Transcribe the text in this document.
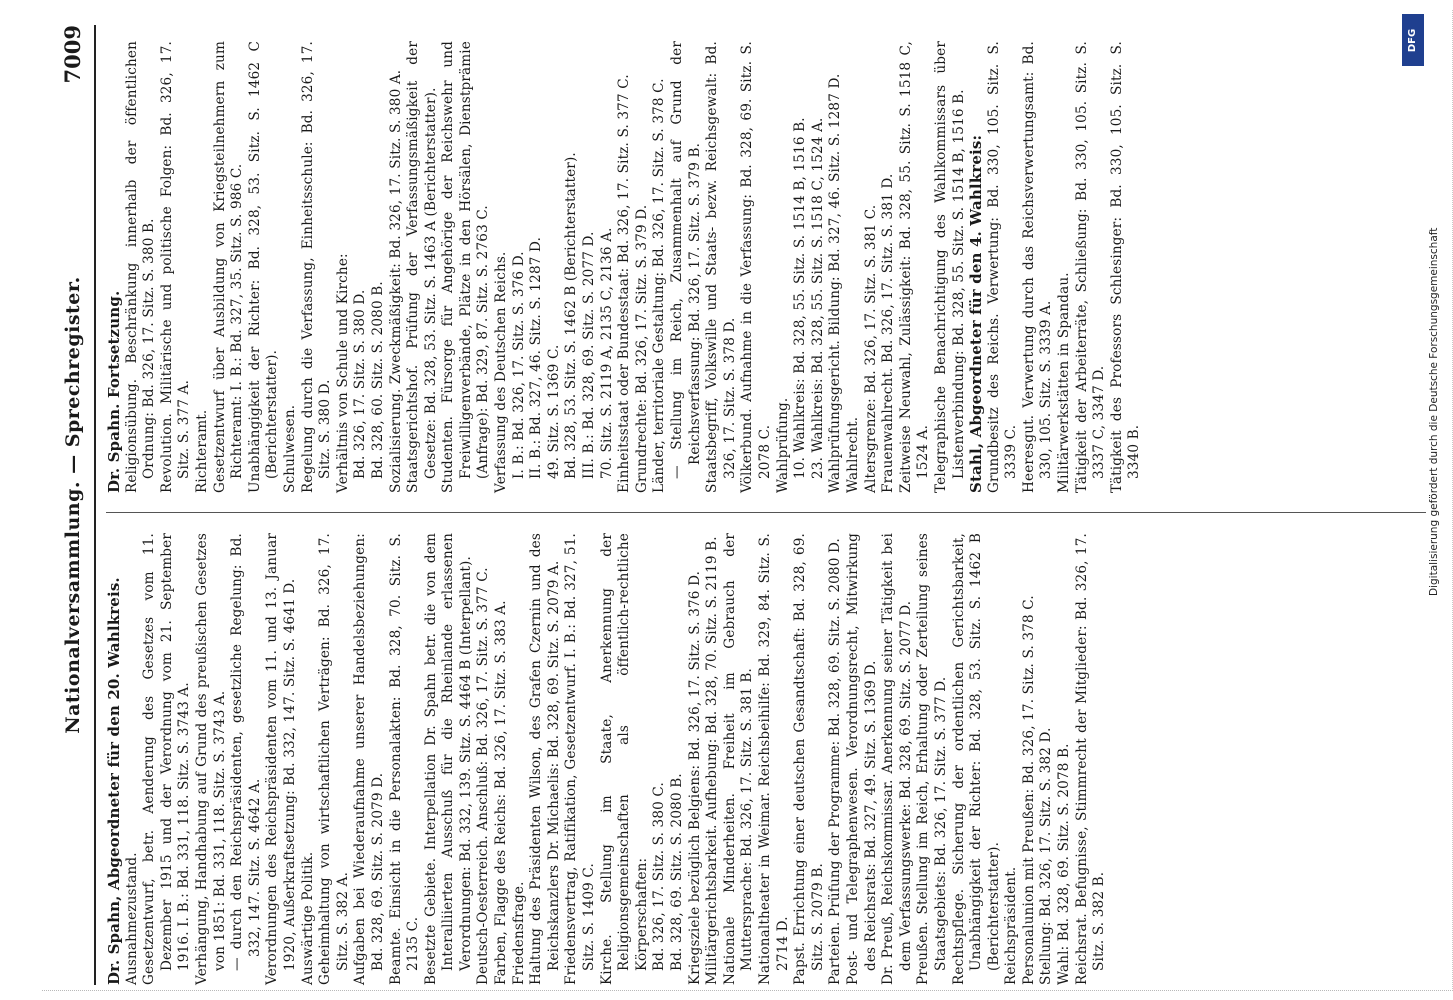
Nationalversammlung. — Sprechregister.
7009

Dr. Spahn, Abgeordneter für den 20. Wahlkreis. Ausnahmezustand. Gesetzentwurf, betr. Aenderung des Gesetzes vom 11. Dezember 1915 und der Verordnung vom 21. September 1916. I. B.: Bd. 331, 118. Sitz. S. 3743 A. Verhängung, Handhabung auf Grund des preußischen Gesetzes von 1851: Bd. 331, 118. Sitz. S. 3743 A. — durch den Reichspräsidenten, gesetzliche Regelung: Bd. 332, 147. Sitz. S. 4642 A. Verordnungen des Reichspräsidenten vom 11. und 13. Januar 1920, Außerkraftsetzung: Bd. 332, 147. Sitz. S. 4641 D. Auswärtige Politik. Geheimhaltung von wirtschaftlichen Verträgen: Bd. 326, 17. Sitz. S. 382 A. Aufgaben bei Wiederaufnahme unserer Handelsbeziehungen: Bd. 328, 69. Sitz. S. 2079 D. Beamte. Einsicht in die Personalakten: Bd. 328, 70. Sitz. S. 2135 C. Besetzte Gebiete. Interpellation Dr. Spahn betr. die von dem Interalliierten Ausschuß für die Rheinlande erlassenen Verordnungen: Bd. 332, 139. Sitz. S. 4464 B (Interpellant). Deutsch-Oesterreich. Anschluß: Bd. 326, 17. Sitz. S. 377 C. Farben, Flagge des Reichs: Bd. 326, 17. Sitz. S. 383 A. Friedensfrage. Haltung des Präsidenten Wilson, des Grafen Czernin und des Reichskanzlers Dr. Michaelis: Bd. 328, 69. Sitz. S. 2079 A. Friedensvertrag, Ratifikation, Gesetzentwurf. I. B.: Bd. 327, 51. Sitz. S. 1409 C. Kirche. Stellung im Staate, Anerkennung der Religionsgemeinschaften als öffentlich-rechtliche Körperschaften: Bd. 326, 17. Sitz. S. 380 C. Bd. 328, 69. Sitz. S. 2080 B. Kriegsziele bezüglich Belgiens: Bd. 326, 17. Sitz. S. 376 D. Militärgerichtsbarkeit. Aufhebung: Bd. 328, 70. Sitz. S. 2119 B. Nationale Minderheiten. Freiheit im Gebrauch der Muttersprache: Bd. 326, 17. Sitz. S. 381 B. Nationaltheater in Weimar. Reichsbeihilfe: Bd. 329, 84. Sitz. S. 2714 D. Papst. Errichtung einer deutschen Gesandtschaft: Bd. 328, 69. Sitz. S. 2079 B. Parteien. Prüfung der Programme: Bd. 328, 69. Sitz. S. 2080 D. Post- und Telegraphenwesen. Verordnungsrecht, Mitwirkung des Reichsrats: Bd. 327, 49. Sitz. S. 1369 D. Dr. Preuß, Reichskommissar. Anerkennung seiner Tätigkeit bei dem Verfassungswerke: Bd. 328, 69. Sitz. S. 2077 D. Preußen. Stellung im Reich, Erhaltung oder Zerteilung seines Staatsgebiets: Bd. 326, 17. Sitz. S. 377 D. Rechtspflege. Sicherung der ordentlichen Gerichtsbarkeit, Unabhängigkeit der Richter: Bd. 328, 53. Sitz. S. 1462 B (Berichterstatter). Reichspräsident. Personalunion mit Preußen: Bd. 326, 17. Sitz. S. 378 C. Stellung: Bd. 326, 17. Sitz. S. 382 D. Wahl: Bd. 328, 69. Sitz. S. 2078 B. Reichsrat. Befugnisse, Stimmrecht der Mitglieder: Bd. 326, 17. Sitz. S. 382 B.

Dr. Spahn. Fortsetzung. Religionsübung. Beschränkung innerhalb der öffentlichen Ordnung: Bd. 326, 17. Sitz. S. 380 B. Revolution. Militärische und politische Folgen: Bd. 326, 17. Sitz. S. 377 A. Richteramt. Gesetzentwurf über Ausbildung von Kriegsteilnehmern zum Richteramt: I. B.: Bd. 327, 35. Sitz. S. 986 C. Unabhängigkeit der Richter: Bd. 328, 53. Sitz. S. 1462 C (Berichterstatter). Schulwesen. Regelung durch die Verfassung, Einheitsschule: Bd. 326, 17. Sitz. S. 380 D. Verhältnis von Schule und Kirche: Bd. 326, 17. Sitz. S. 380 D. Bd. 328, 60. Sitz. S. 2080 B. Sozialisierung. Zweckmäßigkeit: Bd. 326, 17. Sitz. S. 380 A. Staatsgerichtshof. Prüfung der Verfassungsmäßigkeit der Gesetze: Bd. 328, 53. Sitz. S. 1463 A (Berichterstatter). Studenten. Fürsorge für Angehörige der Reichswehr und Freiwilligenverbände, Plätze in den Hörsälen, Dienstprämie (Anfrage): Bd. 329, 87. Sitz. S. 2763 C. Verfassung des Deutschen Reichs. I. B.: Bd. 326, 17. Sitz. S. 376 D. II. B.: Bd. 327, 46. Sitz. S. 1287 D. 49. Sitz. S. 1369 C. Bd. 328, 53. Sitz. S. 1462 B (Berichterstatter). III. B.: Bd. 328, 69. Sitz. S. 2077 D. 70. Sitz. S. 2119 A, 2135 C, 2136 A. Einheitsstaat oder Bundesstaat: Bd. 326, 17. Sitz. S. 377 C. Grundrechte: Bd. 326, 17. Sitz. S. 379 D. Länder, territoriale Gestaltung: Bd. 326, 17. Sitz. S. 378 C. — Stellung im Reich, Zusammenhalt auf Grund der Reichsverfassung: Bd. 326, 17. Sitz. S. 379 B. Staatsbegriff, Volkswille und Staats- bezw. Reichsgewalt: Bd. 326, 17. Sitz. S. 378 D. Völkerbund. Aufnahme in die Verfassung: Bd. 328, 69. Sitz. S. 2078 C. Wahlprüfung. 10. Wahlkreis: Bd. 328, 55. Sitz. S. 1514 B, 1516 B. 23. Wahlkreis: Bd. 328, 55. Sitz. S. 1518 C, 1524 A. Wahlprüfungsgericht. Bildung: Bd. 327, 46. Sitz. S. 1287 D. Wahlrecht. Altersgrenze: Bd. 326, 17. Sitz. S. 381 C. Frauenwahlrecht. Bd. 326, 17. Sitz. S. 381 D. Zeitweise Neuwahl, Zulässigkeit: Bd. 328, 55. Sitz. S. 1518 C, 1524 A. Telegraphische Benachrichtigung des Wahlkommissars über Listenverbindung: Bd. 328, 55. Sitz. S. 1514 B, 1516 B. Stahl, Abgeordneter für den 4. Wahlkreis: Grundbesitz des Reichs. Verwertung: Bd. 330, 105. Sitz. S. 3339 C. Heeresgut. Verwertung durch das Reichsverwertungsamt: Bd. 330, 105. Sitz. S. 3339 A. Militärwerkstätten in Spandau. Tätigkeit der Arbeiterräte, Schließung: Bd. 330, 105. Sitz. S. 3337 C, 3347 D. Tätigkeit des Professors Schlesinger: Bd. 330, 105. Sitz. S. 3340 B.

DFG
Digitalisierung gefördert durch die Deutsche Forschungsgemeinschaft
